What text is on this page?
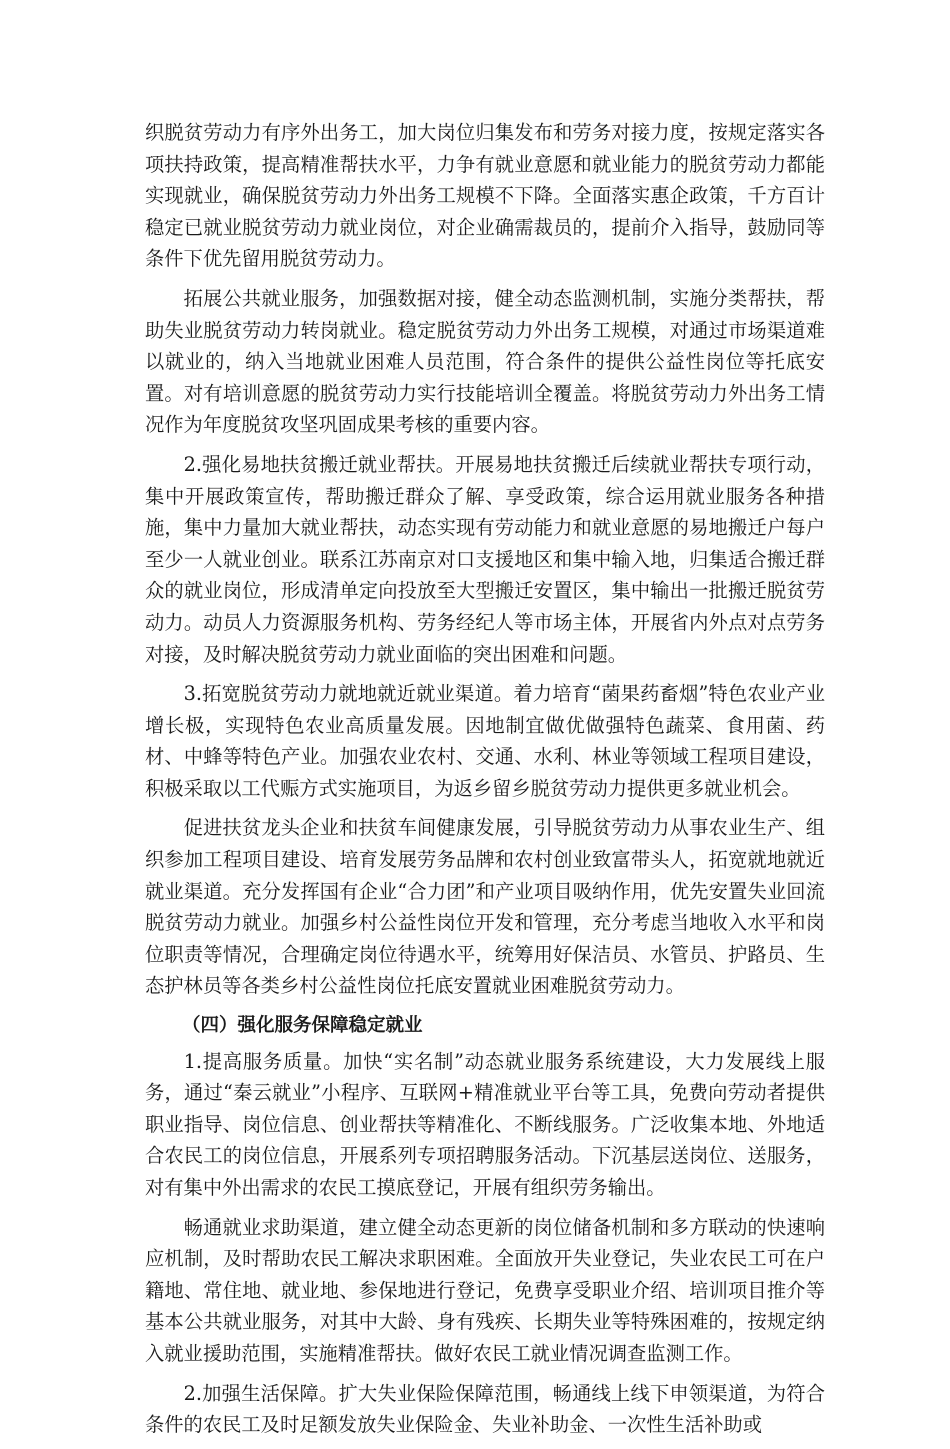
织脱贫劳动力有序外出务工，加大岗位归集发布和劳务对接力度，按规定落实各项扶持政策，提高精准帮扶水平，力争有就业意愿和就业能力的脱贫劳动力都能实现就业，确保脱贫劳动力外出务工规模不下降。全面落实惠企政策，千方百计稳定已就业脱贫劳动力就业岗位，对企业确需裁员的，提前介入指导，鼓励同等条件下优先留用脱贫劳动力。

拓展公共就业服务，加强数据对接，健全动态监测机制，实施分类帮扶，帮助失业脱贫劳动力转岗就业。稳定脱贫劳动力外出务工规模，对通过市场渠道难以就业的，纳入当地就业困难人员范围，符合条件的提供公益性岗位等托底安置。对有培训意愿的脱贫劳动力实行技能培训全覆盖。将脱贫劳动力外出务工情况作为年度脱贫攻坚巩固成果考核的重要内容。

2.强化易地扶贫搬迁就业帮扶。开展易地扶贫搬迁后续就业帮扶专项行动，集中开展政策宣传，帮助搬迁群众了解、享受政策，综合运用就业服务各种措施，集中力量加大就业帮扶，动态实现有劳动能力和就业意愿的易地搬迁户每户至少一人就业创业。联系江苏南京对口支援地区和集中输入地，归集适合搬迁群众的就业岗位，形成清单定向投放至大型搬迁安置区，集中输出一批搬迁脱贫劳动力。动员人力资源服务机构、劳务经纪人等市场主体，开展省内外点对点劳务对接，及时解决脱贫劳动力就业面临的突出困难和问题。

3.拓宽脱贫劳动力就地就近就业渠道。着力培育“菌果药畜烟”特色农业产业增长极，实现特色农业高质量发展。因地制宜做优做强特色蔬菜、食用菌、药材、中蜂等特色产业。加强农业农村、交通、水利、林业等领域工程项目建设，积极采取以工代赈方式实施项目，为返乡留乡脱贫劳动力提供更多就业机会。

促进扶贫龙头企业和扶贫车间健康发展，引导脱贫劳动力从事农业生产、组织参加工程项目建设、培育发展劳务品牌和农村创业致富带头人，拓宽就地就近就业渠道。充分发挥国有企业“合力团”和产业项目吸纳作用，优先安置失业回流脱贫劳动力就业。加强乡村公益性岗位开发和管理，充分考虑当地收入水平和岗位职责等情况，合理确定岗位待遇水平，统筹用好保洁员、水管员、护路员、生态护林员等各类乡村公益性岗位托底安置就业困难脱贫劳动力。

（四）强化服务保障稳定就业

1.提高服务质量。加快“实名制”动态就业服务系统建设，大力发展线上服务，通过“秦云就业”小程序、互联网+精准就业平台等工具，免费向劳动者提供职业指导、岗位信息、创业帮扶等精准化、不断线服务。广泛收集本地、外地适合农民工的岗位信息，开展系列专项招聘服务活动。下沉基层送岗位、送服务，对有集中外出需求的农民工摸底登记，开展有组织劳务输出。

畅通就业求助渠道，建立健全动态更新的岗位储备机制和多方联动的快速响应机制，及时帮助农民工解决求职困难。全面放开失业登记，失业农民工可在户籍地、常住地、就业地、参保地进行登记，免费享受职业介绍、培训项目推介等基本公共就业服务，对其中大龄、身有残疾、长期失业等特殊困难的，按规定纳入就业援助范围，实施精准帮扶。做好农民工就业情况调查监测工作。

2.加强生活保障。扩大失业保险保障范围，畅通线上线下申领渠道，为符合条件的农民工及时足额发放失业保险金、失业补助金、一次性生活补助或
